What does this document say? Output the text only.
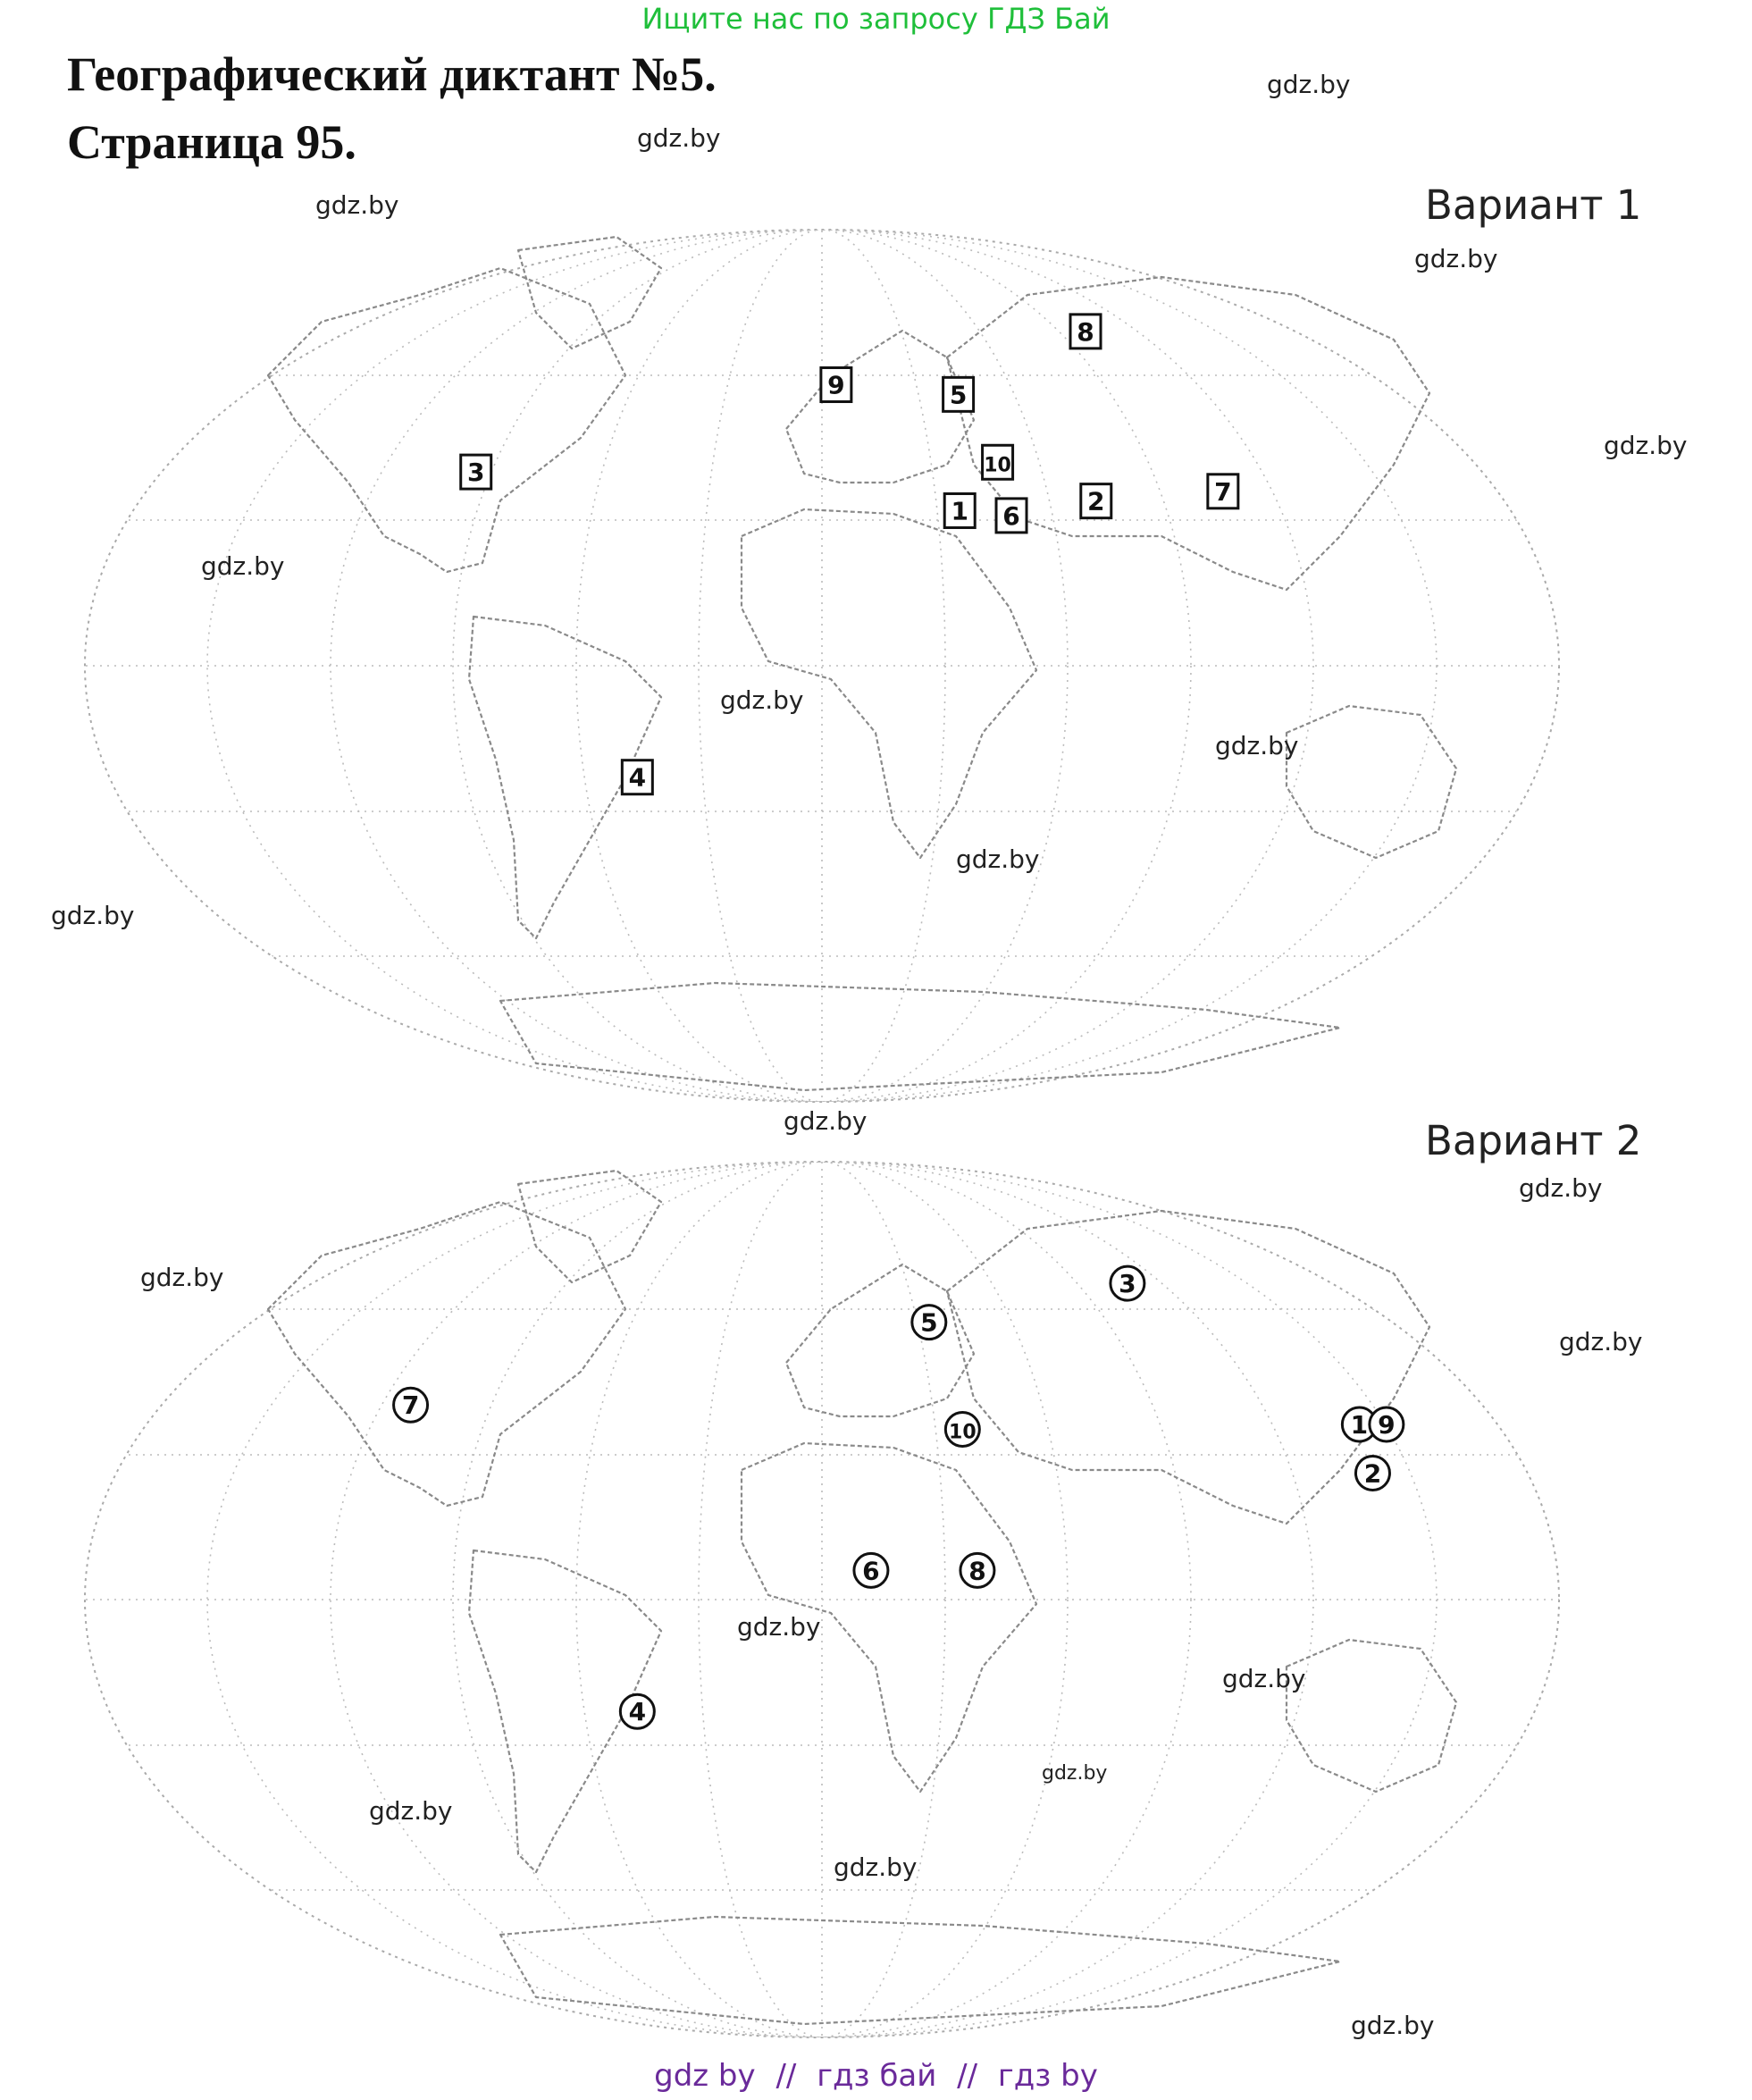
Ищите нас по запросу ГДЗ Бай
Географический диктант №5.
Страница 95.
Вариант 1
Вариант 2
1	2
3
4
5
6
7
8
9
10
1
2
3
4
5
6
7
8
9
10
gdz.by
gdz.by
gdz.by
gdz.by
gdz.by
gdz.by
gdz.by
gdz.by
gdz.by
gdz.by
gdz.by
gdz.by
gdz.by
gdz.by
gdz.by
gdz.by
gdz.by
gdz.by
gdz.by
gdz.by
gdz by // гдз бай // гдз by
